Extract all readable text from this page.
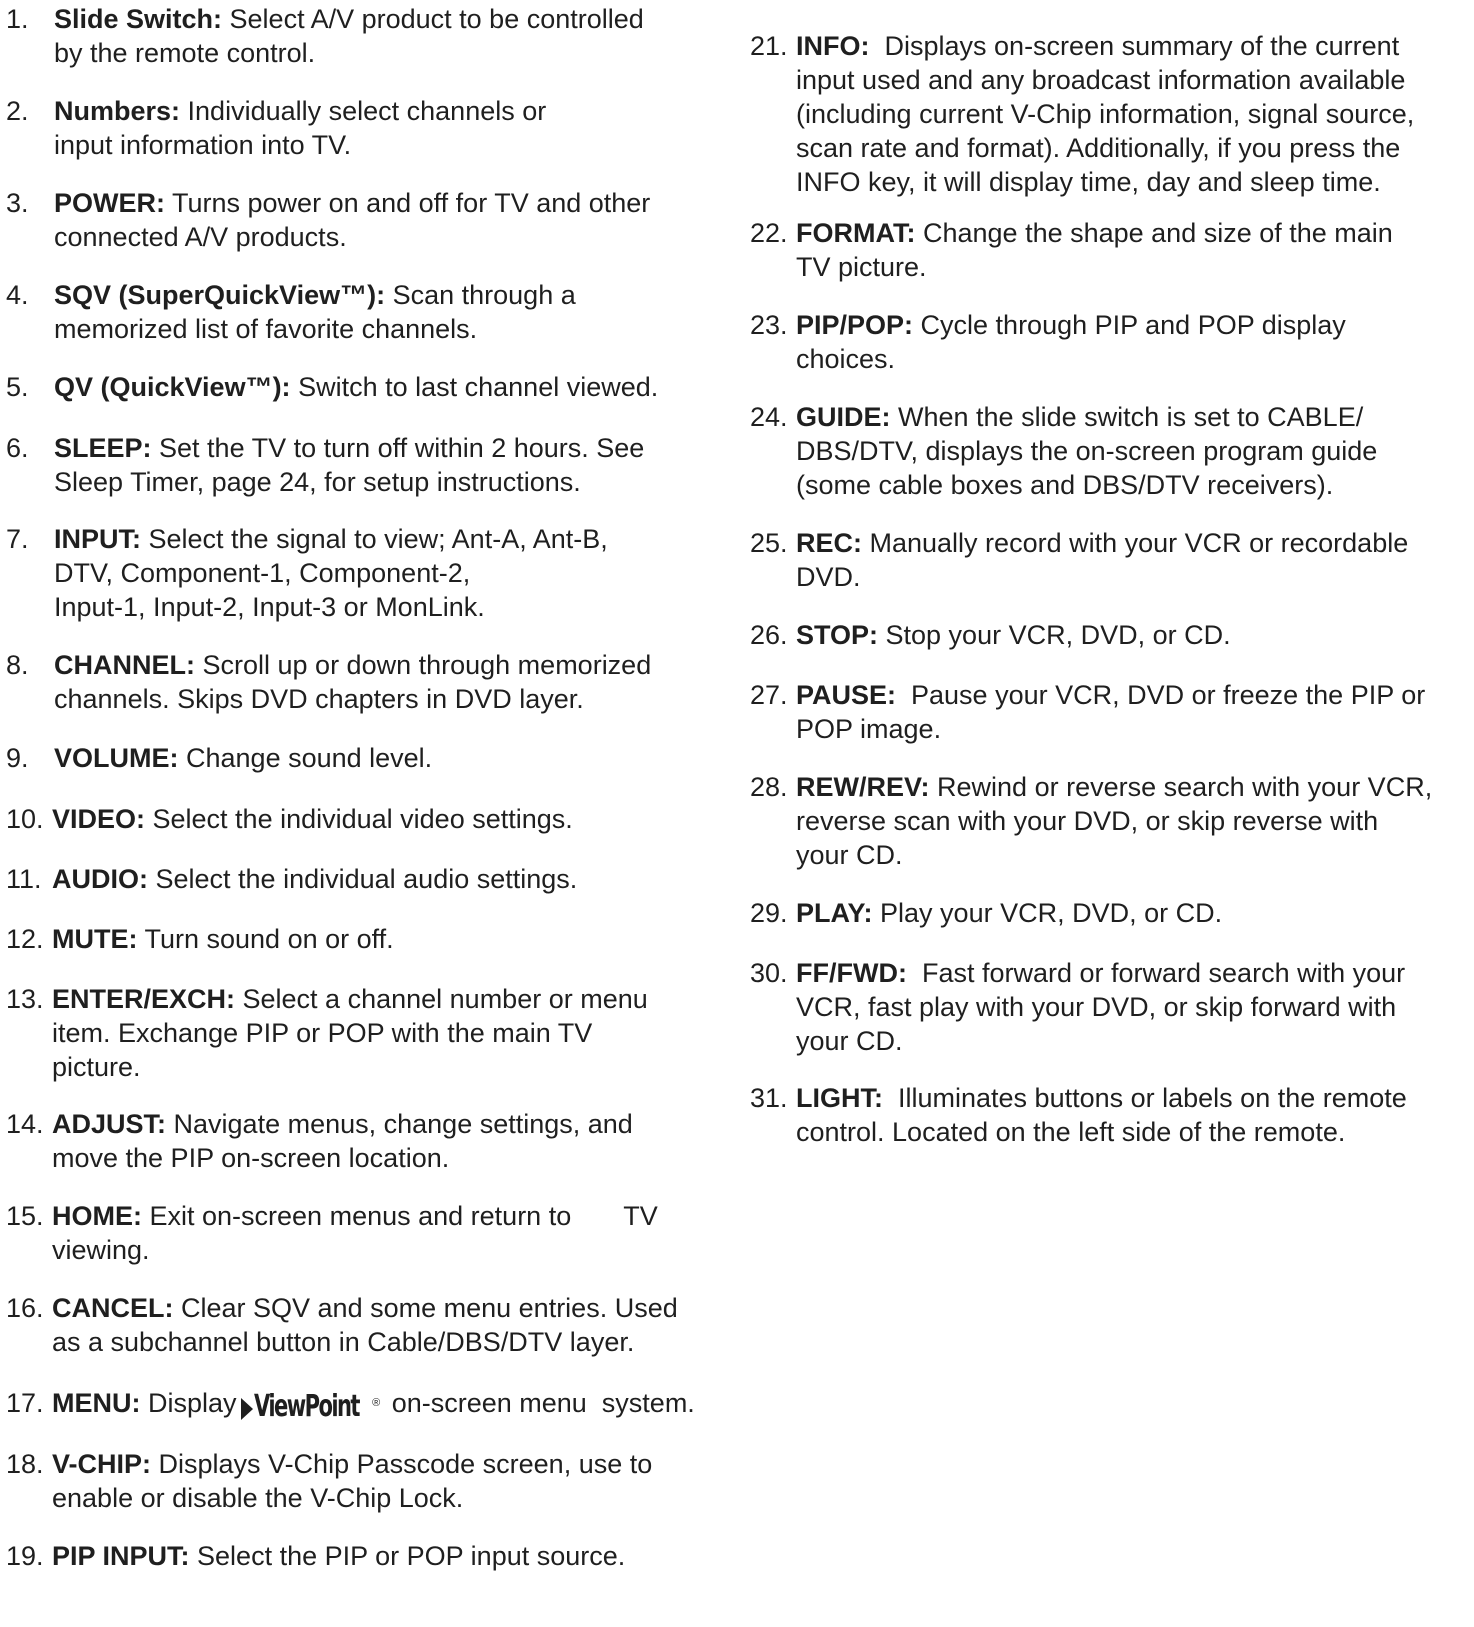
1. Slide Switch: Select A/V product to be controlled
by the remote control.
2. Numbers: Individually select channels or
input information into TV.
3. POWER: Turns power on and off for TV and other
connected A/V products.
4. SQV (SuperQuickView™): Scan through a
memorized list of favorite channels.
5. QV (QuickView™): Switch to last channel viewed.
6. SLEEP: Set the TV to turn off within 2 hours. See
Sleep Timer, page 24, for setup instructions.
7. INPUT: Select the signal to view; Ant-A, Ant-B,
DTV, Component-1, Component-2,
Input-1, Input-2, Input-3 or MonLink.
8. CHANNEL: Scroll up or down through memorized
channels. Skips DVD chapters in DVD layer.
9. VOLUME: Change sound level.
10. VIDEO: Select the individual video settings.
11. AUDIO: Select the individual audio settings.
12. MUTE: Turn sound on or off.
13. ENTER/EXCH: Select a channel number or menu
item. Exchange PIP or POP with the main TV
picture.
14. ADJUST: Navigate menus, change settings, and
move the PIP on-screen location.
15. HOME: Exit on-screen menus and return to       TV
viewing.
16. CANCEL: Clear SQV and some menu entries. Used
as a subchannel button in Cable/DBS/DTV layer.
17. MENU: Display ViewPoint ® on-screen menu  system.
18. V-CHIP: Displays V-Chip Passcode screen, use to
enable or disable the V-Chip Lock.
19. PIP INPUT: Select the PIP or POP input source.
21. INFO:  Displays on-screen summary of the current
input used and any broadcast information available
(including current V-Chip information, signal source,
scan rate and format). Additionally, if you press the
INFO key, it will display time, day and sleep time.
22. FORMAT: Change the shape and size of the main
TV picture.
23. PIP/POP: Cycle through PIP and POP display
choices.
24. GUIDE: When the slide switch is set to CABLE/
DBS/DTV, displays the on-screen program guide
(some cable boxes and DBS/DTV receivers).
25. REC: Manually record with your VCR or recordable
DVD.
26. STOP: Stop your VCR, DVD, or CD.
27. PAUSE:  Pause your VCR, DVD or freeze the PIP or
POP image.
28. REW/REV: Rewind or reverse search with your VCR,
reverse scan with your DVD, or skip reverse with
your CD.
29. PLAY: Play your VCR, DVD, or CD.
30. FF/FWD:  Fast forward or forward search with your
VCR, fast play with your DVD, or skip forward with
your CD.
31. LIGHT:  Illuminates buttons or labels on the remote
control. Located on the left side of the remote.
